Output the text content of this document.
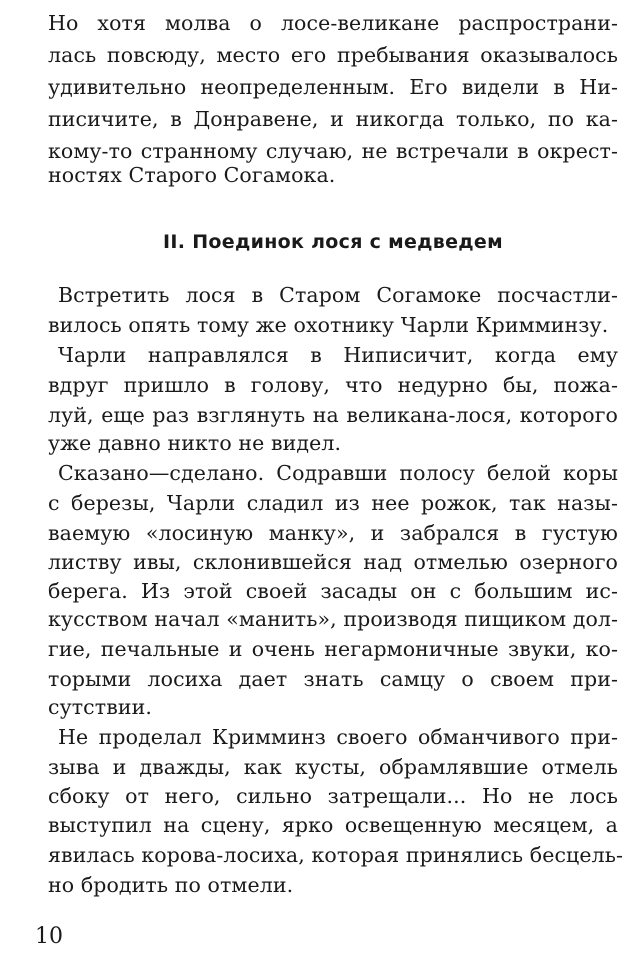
Но хотя молва о лосе-великане распространи-
лась повсюду, место его пребывания оказывалось
удивительно неопределенным. Его видели в Ни-
писичите, в Донравене, и никогда только, по ка-
кому-то странному случаю, не встречали в окрест-
ностях Старого Согамока.
II. Поединок лося с медведем
Встретить лося в Старом Согамоке посчастли-
вилось опять тому же охотнику Чарли Кримминзу.
Чарли направлялся в Ниписичит, когда ему
вдруг пришло в голову, что недурно бы, пожа-
луй, еще раз взглянуть на великана-лося, которого
уже давно никто не видел.
Сказано—сделано. Содравши полосу белой коры
с березы, Чарли сладил из нее рожок, так назы-
ваемую «лосиную манку», и забрался в густую
листву ивы, склонившейся над отмелью озерного
берега. Из этой своей засады он с большим ис-
кусством начал «манить», производя пищиком дол-
гие, печальные и очень негармоничные звуки, ко-
торыми лосиха дает знать самцу о своем при-
сутствии.
Не проделал Кримминз своего обманчивого при-
зыва и дважды, как кусты, обрамлявшие отмель
сбоку от него, сильно затрещали... Но не лось
выступил на сцену, ярко освещенную месяцем, а
явилась корова-лосиха, которая принялись бесцель-
но бродить по отмели.
10
